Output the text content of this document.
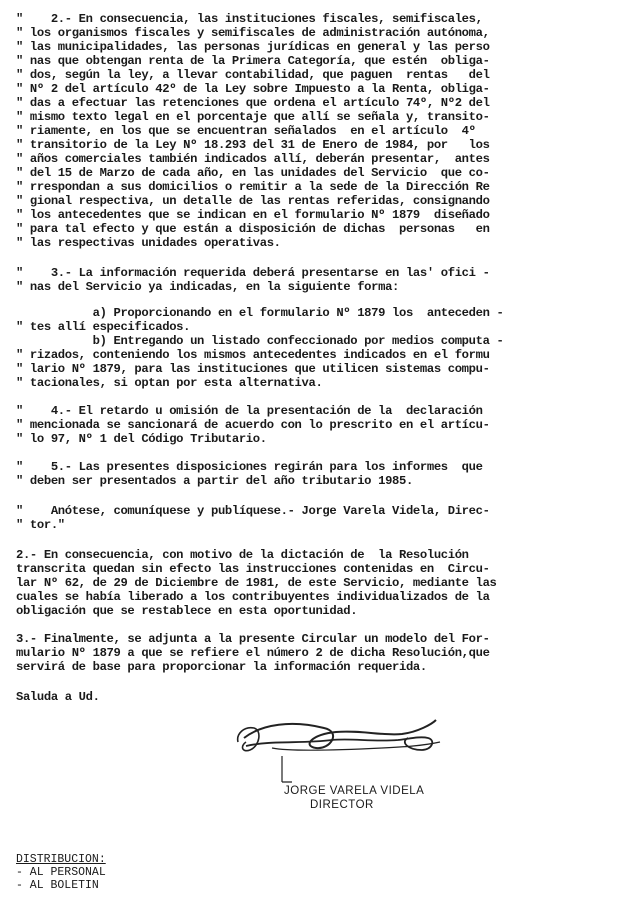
"    2.- En consecuencia, las instituciones fiscales, semifiscales,
" los organismos fiscales y semifiscales de administración autónoma,
" las municipalidades, las personas jurídicas en general y las perso
" nas que obtengan renta de la Primera Categoría, que estén  obliga-
" dos, según la ley, a llevar contabilidad, que paguen  rentas   del
" Nº 2 del artículo 42º de la Ley sobre Impuesto a la Renta, obliga-
" das a efectuar las retenciones que ordena el artículo 74º, Nº2 del
" mismo texto legal en el porcentaje que allí se señala y, transito-
" riamente, en los que se encuentran señalados  en el artículo  4º
" transitorio de la Ley Nº 18.293 del 31 de Enero de 1984, por   los
" años comerciales también indicados allí, deberán presentar,  antes
" del 15 de Marzo de cada año, en las unidades del Servicio  que co-
" rrespondan a sus domicilios o remitir a la sede de la Dirección Re
" gional respectiva, un detalle de las rentas referidas, consignando
" los antecedentes que se indican en el formulario Nº 1879  diseñado
" para tal efecto y que están a disposición de dichas  personas   en
" las respectivas unidades operativas.
"    3.- La información requerida deberá presentarse en las' ofici -
" nas del Servicio ya indicadas, en la siguiente forma:
a) Proporcionando en el formulario Nº 1879 los  anteceden -
" tes allí especificados.
b) Entregando un listado confeccionado por medios computa -
" rizados, conteniendo los mismos antecedentes indicados en el formu
" lario Nº 1879, para las instituciones que utilicen sistemas compu-
" tacionales, si optan por esta alternativa.
"    4.- El retardo u omisión de la presentación de la  declaración
" mencionada se sancionará de acuerdo con lo prescrito en el artícu-
" lo 97, Nº 1 del Código Tributario.
"    5.- Las presentes disposiciones regirán para los informes  que
" deben ser presentados a partir del año tributario 1985.
"    Anótese, comuníquese y publíquese.- Jorge Varela Videla, Direc-
" tor."
2.- En consecuencia, con motivo de la dictación de  la Resolución
transcrita quedan sin efecto las instrucciones contenidas en  Circu-
lar Nº 62, de 29 de Diciembre de 1981, de este Servicio, mediante las
cuales se había liberado a los contribuyentes individualizados de la
obligación que se restablece en esta oportunidad.
3.- Finalmente, se adjunta a la presente Circular un modelo del For-
mulario Nº 1879 a que se refiere el número 2 de dicha Resolución,que
servirá de base para proporcionar la información requerida.
Saluda a Ud.
JORGE VARELA VIDELA
DIRECTOR
DISTRIBUCION:
- AL PERSONAL
- AL BOLETIN
